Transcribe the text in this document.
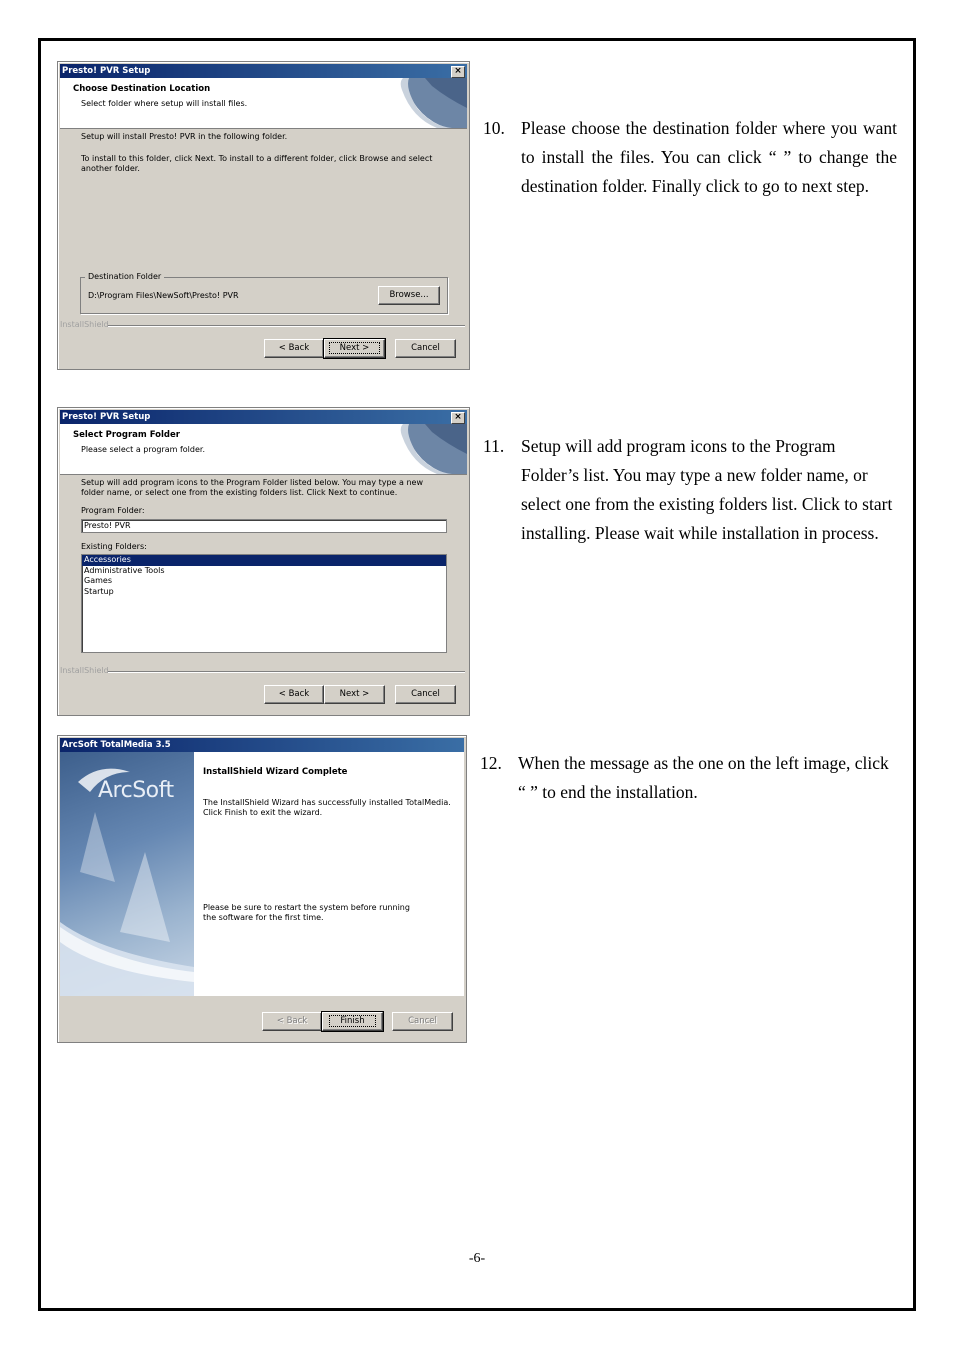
Presto! PVR Setup	×
Choose Destination Location
Select folder where setup will install files.
Setup will install Presto! PVR in the following folder.
To install to this folder, click Next. To install to a different folder, click Browse and select another folder.
Destination Folder
D:\Program Files\NewSoft\Presto! PVR	Browse...
InstallShield
< Back	Next >	Cancel
Presto! PVR Setup	×
Select Program Folder
Please select a program folder.
Setup will add program icons to the Program Folder listed below. You may type a new folder name, or select one from the existing folders list. Click Next to continue.
Program Folder:
Presto! PVR
Existing Folders:
Accessories
Administrative Tools
Games
Startup
InstallShield
< Back	Next >	Cancel
ArcSoft TotalMedia 3.5
ArcSoft
InstallShield Wizard Complete
The InstallShield Wizard has successfully installed TotalMedia. Click Finish to exit the wizard.
Please be sure to restart the system before running the software for the first time.
< Back	Finish	Cancel
10. Please choose the destination folder where you want to install the files. You can click “ ” to change the destination folder. Finally click to go to next step.
11. Setup will add program icons to the Program Folder’s list. You may type a new folder name, or select one from the existing folders list. Click to start installing. Please wait while installation in process.
12. When the message as the one on the left image, click “ ” to end the installation.
-6-
